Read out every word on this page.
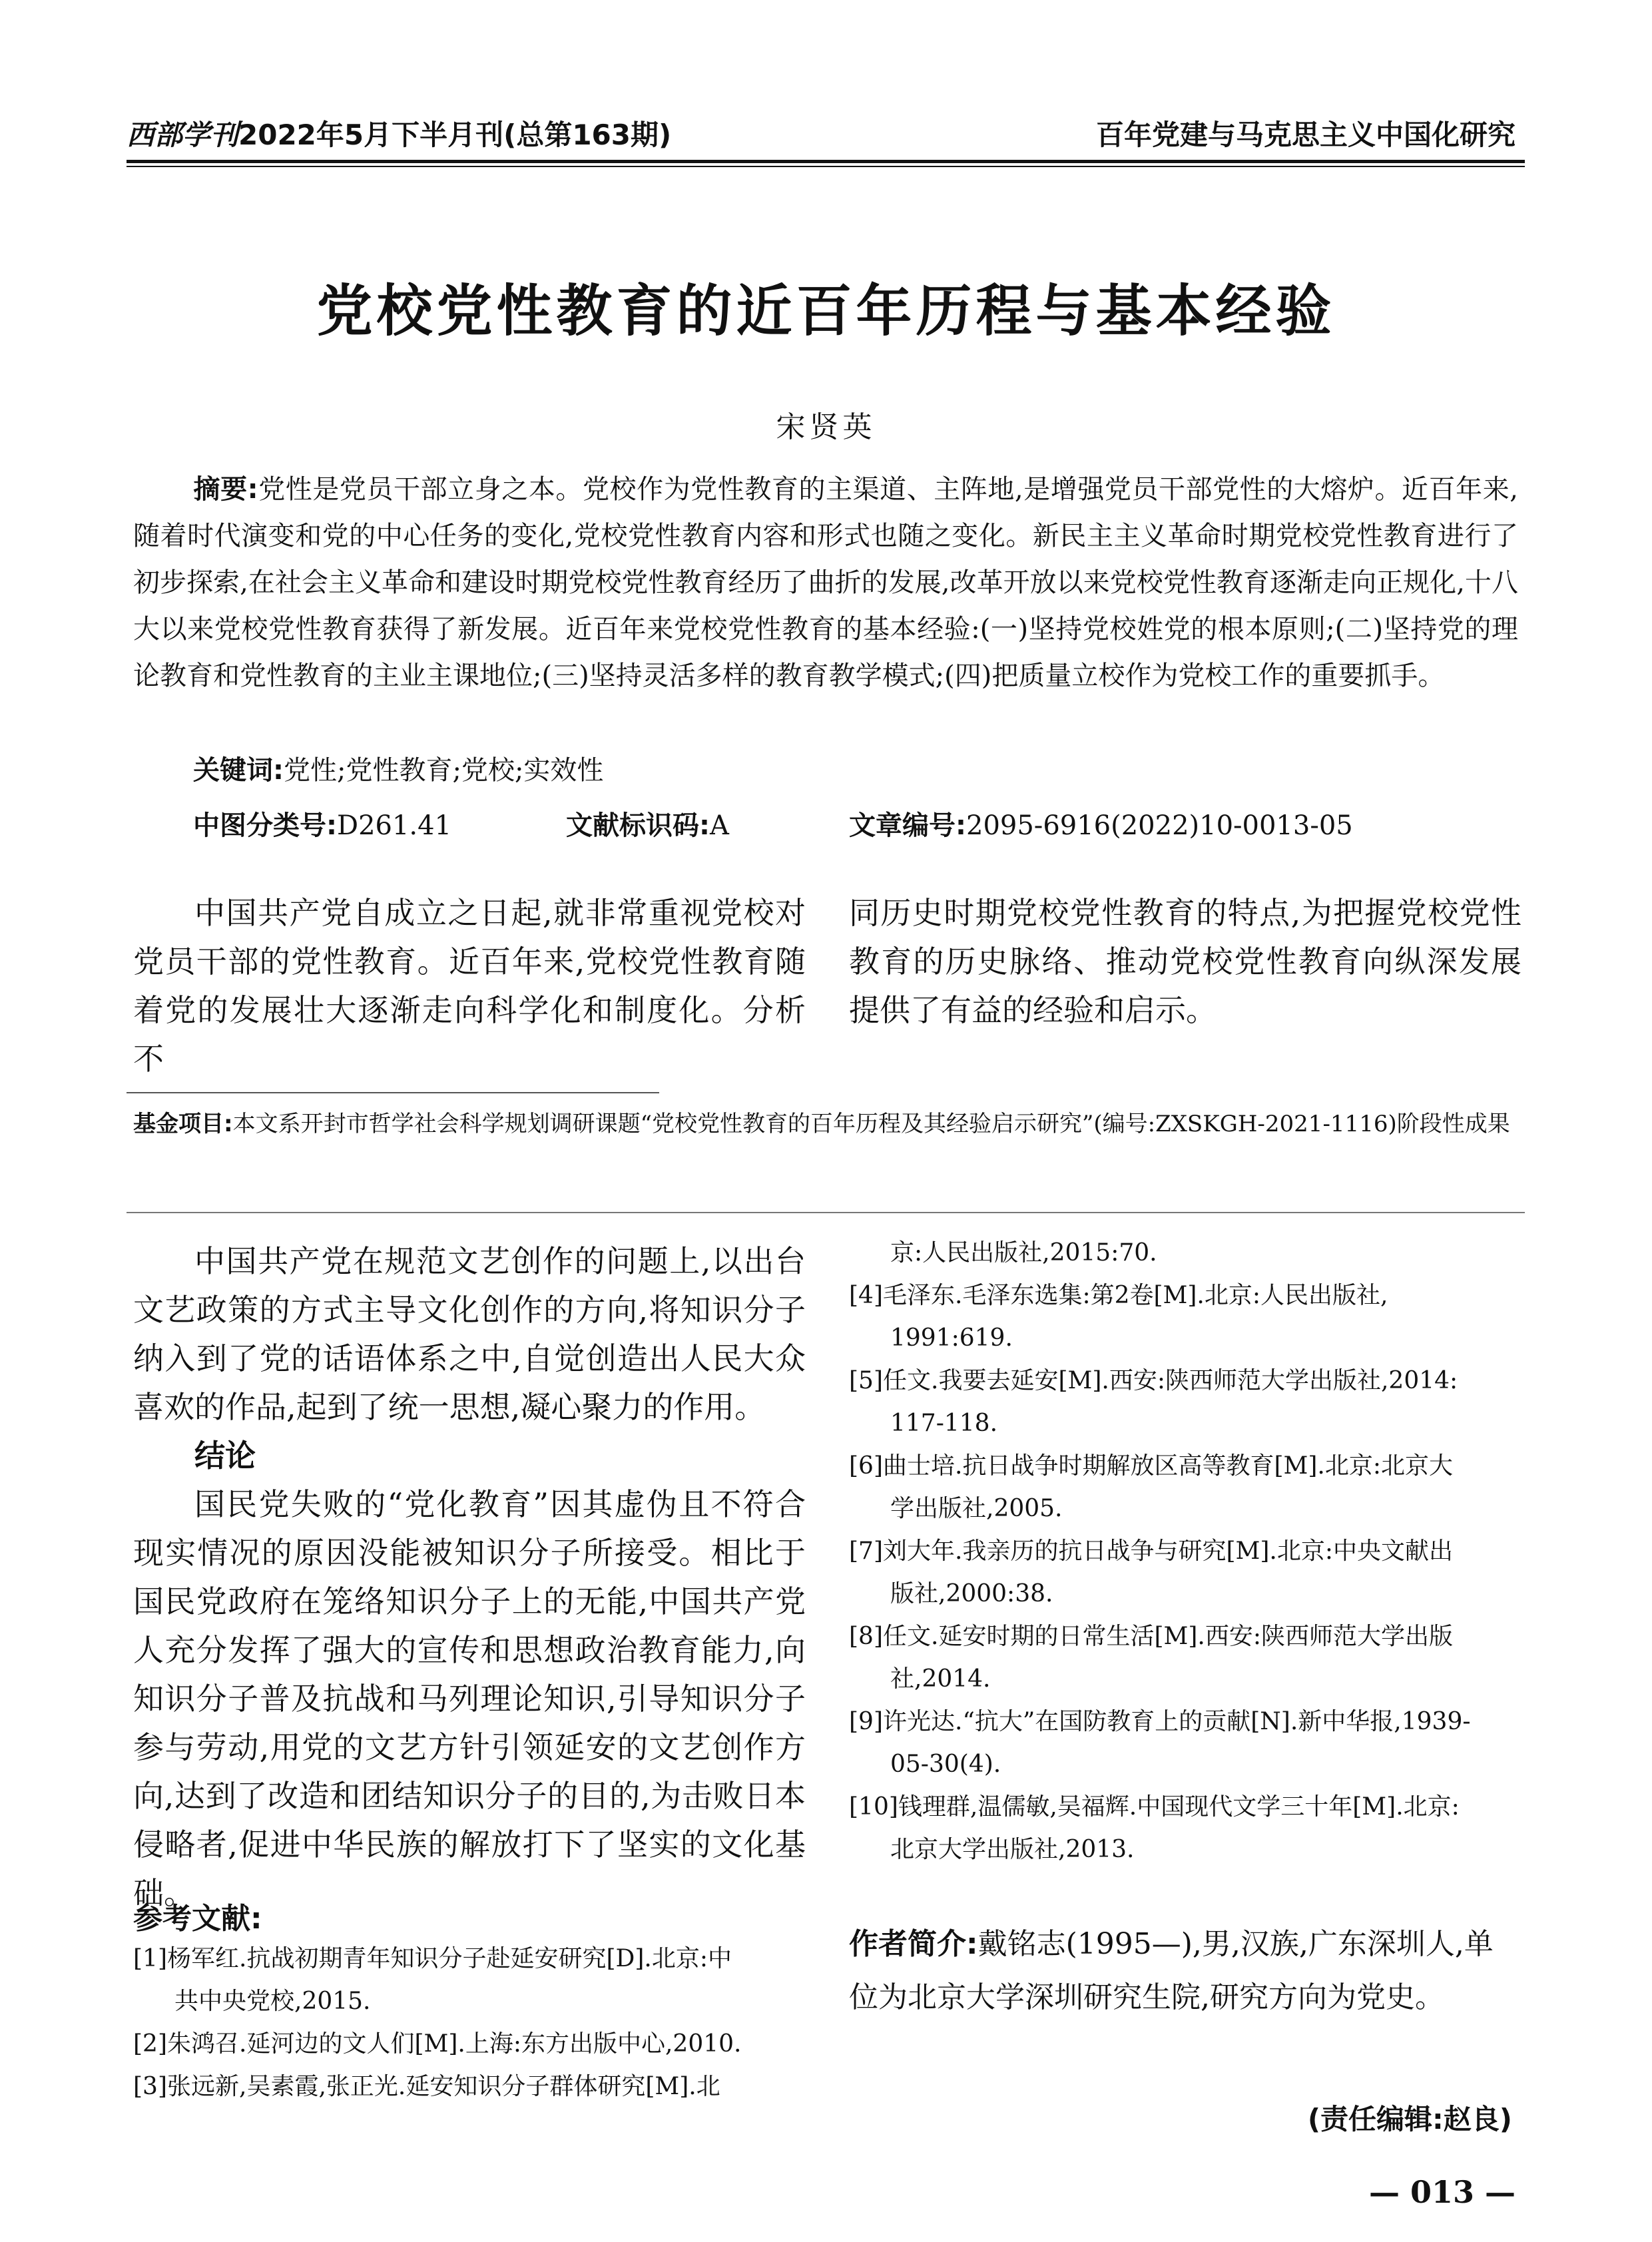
西部学刊2022年5月下半月刊(总第163期)	百年党建与马克思主义中国化研究
党校党性教育的近百年历程与基本经验
宋贤英
摘要:党性是党员干部立身之本。党校作为党性教育的主渠道、主阵地,是增强党员干部党性的大熔炉。近百年来,随着时代演变和党的中心任务的变化,党校党性教育内容和形式也随之变化。新民主主义革命时期党校党性教育进行了初步探索,在社会主义革命和建设时期党校党性教育经历了曲折的发展,改革开放以来党校党性教育逐渐走向正规化,十八大以来党校党性教育获得了新发展。近百年来党校党性教育的基本经验:(一)坚持党校姓党的根本原则;(二)坚持党的理论教育和党性教育的主业主课地位;(三)坚持灵活多样的教育教学模式;(四)把质量立校作为党校工作的重要抓手。
关键词:党性;党性教育;党校;实效性
中图分类号:D261.41	文献标识码:A	文章编号:2095-6916(2022)10-0013-05
中国共产党自成立之日起,就非常重视党校对党员干部的党性教育。近百年来,党校党性教育随着党的发展壮大逐渐走向科学化和制度化。分析不
同历史时期党校党性教育的特点,为把握党校党性教育的历史脉络、推动党校党性教育向纵深发展提供了有益的经验和启示。
基金项目:本文系开封市哲学社会科学规划调研课题“党校党性教育的百年历程及其经验启示研究”(编号:ZXSKGH-2021-1116)阶段性成果
中国共产党在规范文艺创作的问题上,以出台文艺政策的方式主导文化创作的方向,将知识分子纳入到了党的话语体系之中,自觉创造出人民大众喜欢的作品,起到了统一思想,凝心聚力的作用。
结论
国民党失败的“党化教育”因其虚伪且不符合现实情况的原因没能被知识分子所接受。相比于国民党政府在笼络知识分子上的无能,中国共产党人充分发挥了强大的宣传和思想政治教育能力,向知识分子普及抗战和马列理论知识,引导知识分子参与劳动,用党的文艺方针引领延安的文艺创作方向,达到了改造和团结知识分子的目的,为击败日本侵略者,促进中华民族的解放打下了坚实的文化基础。
参考文献:
[1]杨军红.抗战初期青年知识分子赴延安研究[D].北京:中
共中央党校,2015.
[2]朱鸿召.延河边的文人们[M].上海:东方出版中心,2010.
[3]张远新,吴素霞,张正光.延安知识分子群体研究[M].北
京:人民出版社,2015:70.
[4]毛泽东.毛泽东选集:第2卷[M].北京:人民出版社,
1991:619.
[5]任文.我要去延安[M].西安:陕西师范大学出版社,2014:
117-118.
[6]曲士培.抗日战争时期解放区高等教育[M].北京:北京大
学出版社,2005.
[7]刘大年.我亲历的抗日战争与研究[M].北京:中央文献出
版社,2000:38.
[8]任文.延安时期的日常生活[M].西安:陕西师范大学出版
社,2014.
[9]许光达.“抗大”在国防教育上的贡献[N].新中华报,1939-
05-30(4).
[10]钱理群,温儒敏,吴福辉.中国现代文学三十年[M].北京:
北京大学出版社,2013.
作者简介:戴铭志(1995—),男,汉族,广东深圳人,单位为北京大学深圳研究生院,研究方向为党史。
(责任编辑:赵良)
— 013 —
